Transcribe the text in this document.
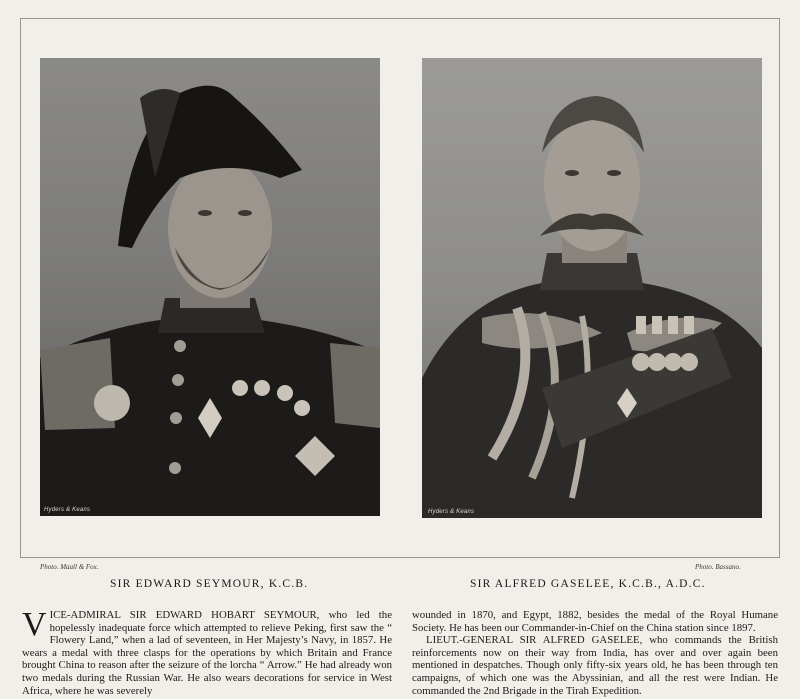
Hyders & Keans	Hyders & Keans
Photo. Maull & Fox.	Photo. Bassano.
SIR EDWARD SEYMOUR, K.C.B.	SIR ALFRED GASELEE, K.C.B., A.D.C.

VICE-ADMIRAL SIR EDWARD HOBART SEYMOUR, who led the hopelessly inadequate force which attempted to relieve Peking, first saw the “ Flowery Land,” when a lad of seventeen, in Her Majesty’s Navy, in 1857. He wears a medal with three clasps for the operations by which Britain and France brought China to reason after the seizure of the lorcha “ Arrow.” He had already won two medals during the Russian War. He also wears decorations for service in West Africa, where he was severely

wounded in 1870, and Egypt, 1882, besides the medal of the Royal Humane Society. He has been our Commander-in-Chief on the China station since 1897.

LIEUT.-GENERAL SIR ALFRED GASELEE, who commands the British reinforcements now on their way from India, has over and over again been mentioned in despatches. Though only fifty-six years old, he has been through ten campaigns, of which one was the Abyssinian, and all the rest were Indian. He commanded the 2nd Brigade in the Tirah Expedition.
